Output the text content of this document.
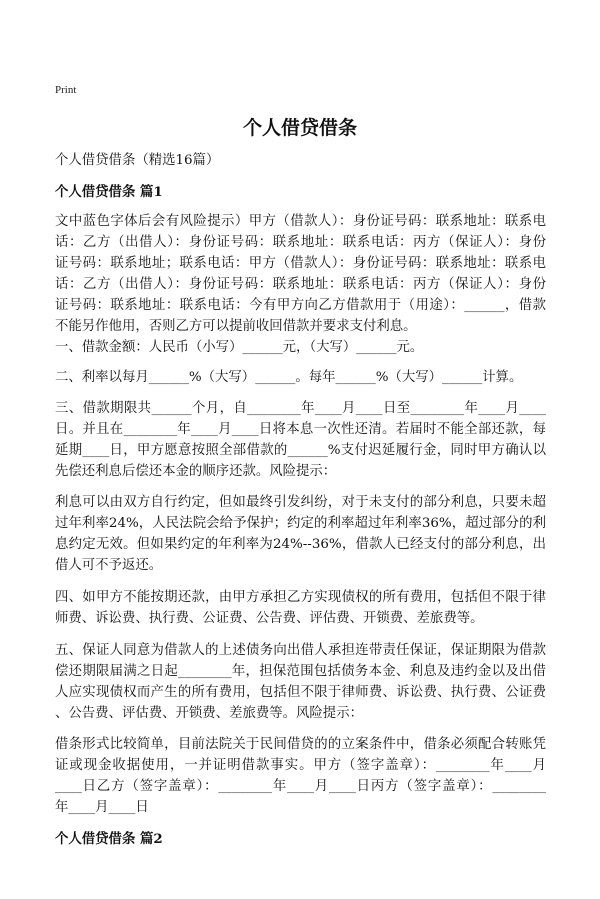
Print
个人借贷借条
个人借贷借条（精选16篇）
个人借贷借条 篇1
文中蓝色字体后会有风险提示）甲方（借款人）：身份证号码：联系地址：联系电
话：乙方（出借人）：身份证号码：联系地址：联系电话：丙方（保证人）：身份
证号码：联系地址；联系电话：甲方（借款人）：身份证号码：联系地址：联系电
话：乙方（出借人）：身份证号码：联系地址：联系电话：丙方（保证人）：身份
证号码：联系地址：联系电话：今有甲方向乙方借款用于（用途）：______，借款
不能另作他用，否则乙方可以提前收回借款并要求支付利息。
一、借款金额：人民币（小写）______元，（大写）______元。
二、利率以每月______%（大写）______。每年______%（大写）______计算。
三、借款期限共______个月，自________年____月____日至________年____月____
日。并且在________年____月____日将本息一次性还清。若届时不能全部还款，每
延期____日，甲方愿意按照全部借款的______%支付迟延履行金，同时甲方确认以
先偿还利息后偿还本金的顺序还款。风险提示：
利息可以由双方自行约定，但如最终引发纠纷，对于未支付的部分利息，只要未超
过年利率24%，人民法院会给予保护；约定的利率超过年利率36%，超过部分的利
息约定无效。但如果约定的年利率为24%--36%，借款人已经支付的部分利息，出
借人可不予返还。
四、如甲方不能按期还款，由甲方承担乙方实现债权的所有费用，包括但不限于律
师费、诉讼费、执行费、公证费、公告费、评估费、开锁费、差旅费等。
五、保证人同意为借款人的上述债务向出借人承担连带责任保证，保证期限为借款
偿还期限届满之日起________年，担保范围包括债务本金、利息及违约金以及出借
人应实现债权而产生的所有费用，包括但不限于律师费、诉讼费、执行费、公证费
、公告费、评估费、开锁费、差旅费等。风险提示：
借条形式比较简单，目前法院关于民间借贷的的立案条件中，借条必须配合转账凭
证或现金收据使用，一并证明借款事实。甲方（签字盖章）：________年____月
____日乙方（签字盖章）：________年____月____日丙方（签字盖章）：________
年____月____日
个人借贷借条 篇2
